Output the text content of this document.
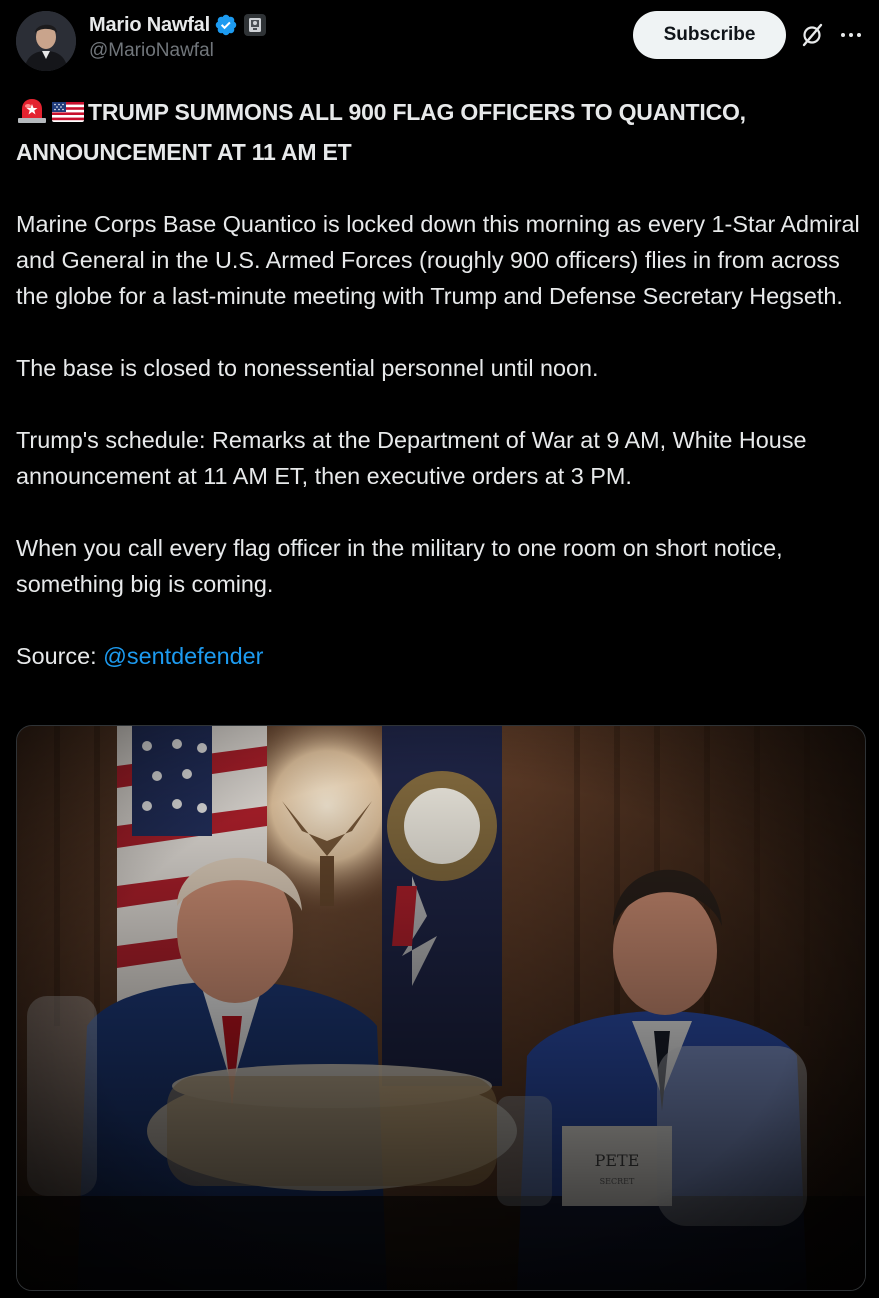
Mario Nawfal
@MarioNawfal
Subscribe
TRUMP SUMMONS ALL 900 FLAG OFFICERS TO QUANTICO,
ANNOUNCEMENT AT 11 AM ET
Marine Corps Base Quantico is locked down this morning as every 1-Star Admiral and General in the U.S. Armed Forces (roughly 900 officers) flies in from across the globe for a last-minute meeting with Trump and Defense Secretary Hegseth.
The base is closed to nonessential personnel until noon.
Trump's schedule: Remarks at the Department of War at 9 AM, White House announcement at 11 AM ET, then executive orders at 3 PM.
When you call every flag officer in the military to one room on short notice, something big is coming.
Source: @sentdefender
